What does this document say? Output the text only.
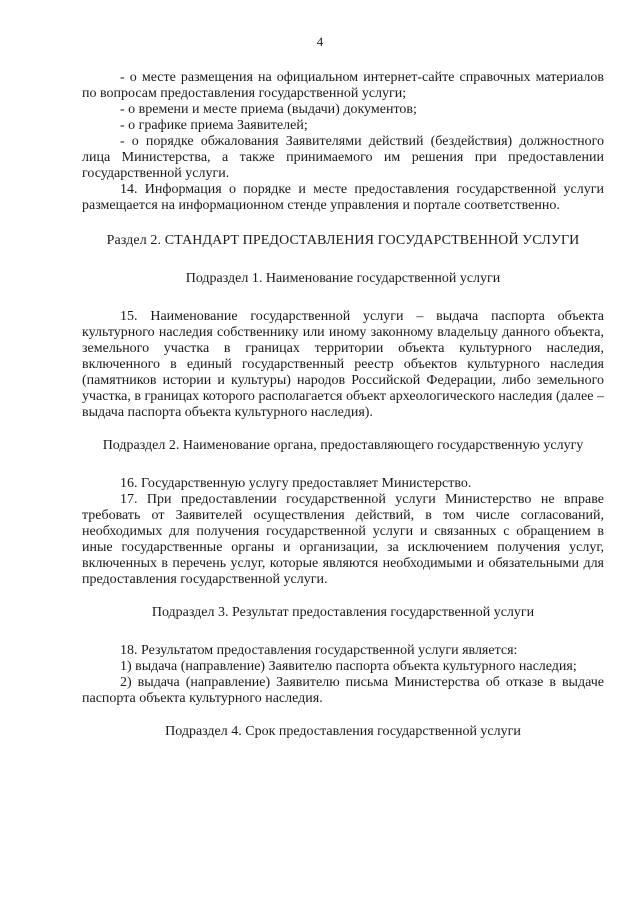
4

- о месте размещения на официальном интернет-сайте справочных материалов по вопросам предоставления государственной услуги;

- о времени и месте приема (выдачи) документов;

- о графике приема Заявителей;

- о порядке обжалования Заявителями действий (бездействия) должностного лица Министерства, а также принимаемого им решения при предоставлении государственной услуги.

14. Информация о порядке и месте предоставления государственной услуги размещается на информационном стенде управления и портале соответственно.

Раздел 2. СТАНДАРТ ПРЕДОСТАВЛЕНИЯ ГОСУДАРСТВЕННОЙ УСЛУГИ

Подраздел 1. Наименование государственной услуги

15. Наименование государственной услуги – выдача паспорта объекта культурного наследия собственнику или иному законному владельцу данного объекта, земельного участка в границах территории объекта культурного наследия, включенного в единый государственный реестр объектов культурного наследия (памятников истории и культуры) народов Российской Федерации, либо земельного участка, в границах которого располагается объект археологического наследия (далее – выдача паспорта объекта культурного наследия).

Подраздел 2. Наименование органа, предоставляющего государственную услугу

16. Государственную услугу предоставляет Министерство.

17. При предоставлении государственной услуги Министерство не вправе требовать от Заявителей осуществления действий, в том числе согласований, необходимых для получения государственной услуги и связанных с обращением в иные государственные органы и организации, за исключением получения услуг, включенных в перечень услуг, которые являются необходимыми и обязательными для предоставления государственной услуги.

Подраздел 3. Результат предоставления государственной услуги

18. Результатом предоставления государственной услуги является:

1) выдача (направление) Заявителю паспорта объекта культурного наследия;

2) выдача (направление) Заявителю письма Министерства об отказе в выдаче паспорта объекта культурного наследия.

Подраздел 4. Срок предоставления государственной услуги
